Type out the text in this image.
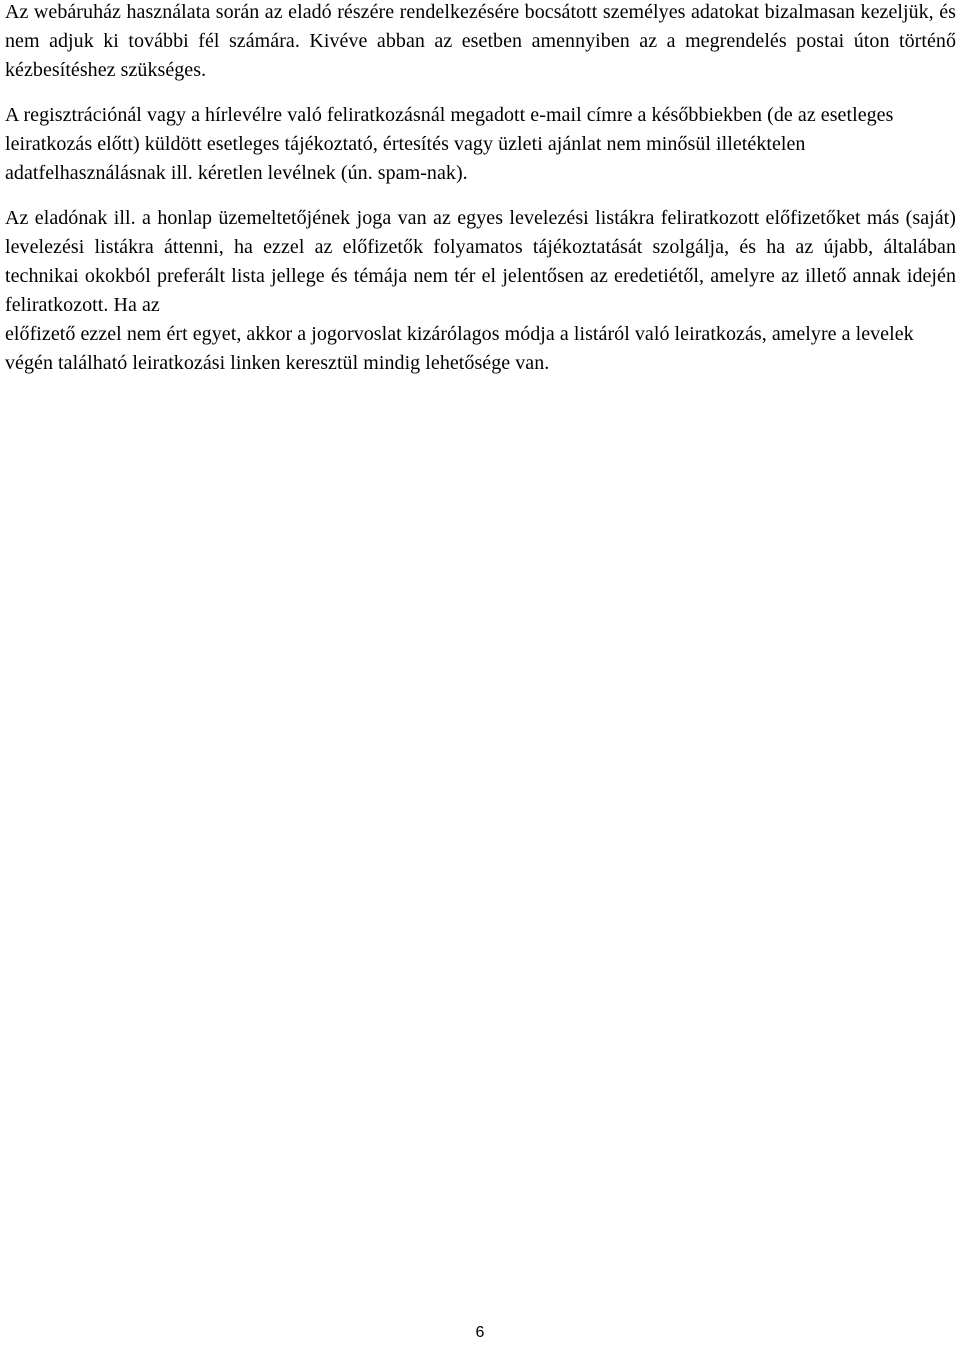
Az webáruház használata során az eladó részére rendelkezésére bocsátott személyes adatokat bizalmasan kezeljük, és nem adjuk ki további fél számára. Kivéve abban az esetben amennyiben az a megrendelés postai úton történő kézbesítéshez szükséges.

A regisztrációnál vagy a hírlevélre való feliratkozásnál megadott e-mail címre a későbbiekben (de az esetleges leiratkozás előtt) küldött esetleges tájékoztató, értesítés vagy üzleti ajánlat nem minősül illetéktelen adatfelhasználásnak ill. kéretlen levélnek (ún. spam-nak).

Az eladónak ill. a honlap üzemeltetőjének joga van az egyes levelezési listákra feliratkozott előfizetőket más (saját) levelezési listákra áttenni, ha ezzel az előfizetők folyamatos tájékoztatását szolgálja, és ha az újabb, általában technikai okokból preferált lista jellege és témája nem tér el jelentősen az eredetiétől, amelyre az illető annak idején feliratkozott. Ha az

előfizető ezzel nem ért egyet, akkor a jogorvoslat kizárólagos módja a listáról való leiratkozás, amelyre a levelek végén található leiratkozási linken keresztül mindig lehetősége van.

6
